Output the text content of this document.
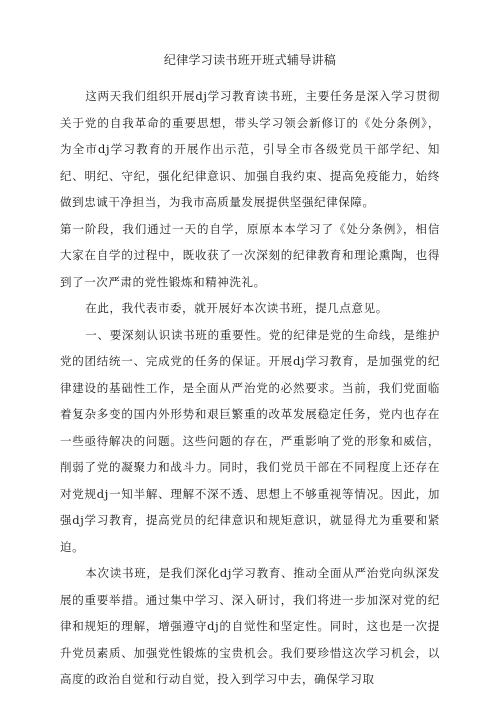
纪律学习读书班开班式辅导讲稿

这两天我们组织开展dj学习教育读书班，主要任务是深入学习贯彻关于党的自我革命的重要思想，带头学习领会新修订的《处分条例》，为全市dj学习教育的开展作出示范，引导全市各级党员干部学纪、知纪、明纪、守纪，强化纪律意识、加强自我约束、提高免疫能力，始终做到忠诚干净担当，为我市高质量发展提供坚强纪律保障。

第一阶段，我们通过一天的自学，原原本本学习了《处分条例》，相信大家在自学的过程中，既收获了一次深刻的纪律教育和理论熏陶，也得到了一次严肃的党性锻炼和精神洗礼。

在此，我代表市委，就开展好本次读书班，提几点意见。

一、要深刻认识读书班的重要性。党的纪律是党的生命线，是维护党的团结统一、完成党的任务的保证。开展dj学习教育，是加强党的纪律建设的基础性工作，是全面从严治党的必然要求。当前，我们党面临着复杂多变的国内外形势和艰巨繁重的改革发展稳定任务，党内也存在一些亟待解决的问题。这些问题的存在，严重影响了党的形象和威信，削弱了党的凝聚力和战斗力。同时，我们党员干部在不同程度上还存在对党规dj一知半解、理解不深不透、思想上不够重视等情况。因此，加强dj学习教育，提高党员的纪律意识和规矩意识，就显得尤为重要和紧迫。

本次读书班，是我们深化dj学习教育、推动全面从严治党向纵深发展的重要举措。通过集中学习、深入研讨，我们将进一步加深对党的纪律和规矩的理解，增强遵守dj的自觉性和坚定性。同时，这也是一次提升党员素质、加强党性锻炼的宝贵机会。我们要珍惜这次学习机会，以高度的政治自觉和行动自觉，投入到学习中去，确保学习取
